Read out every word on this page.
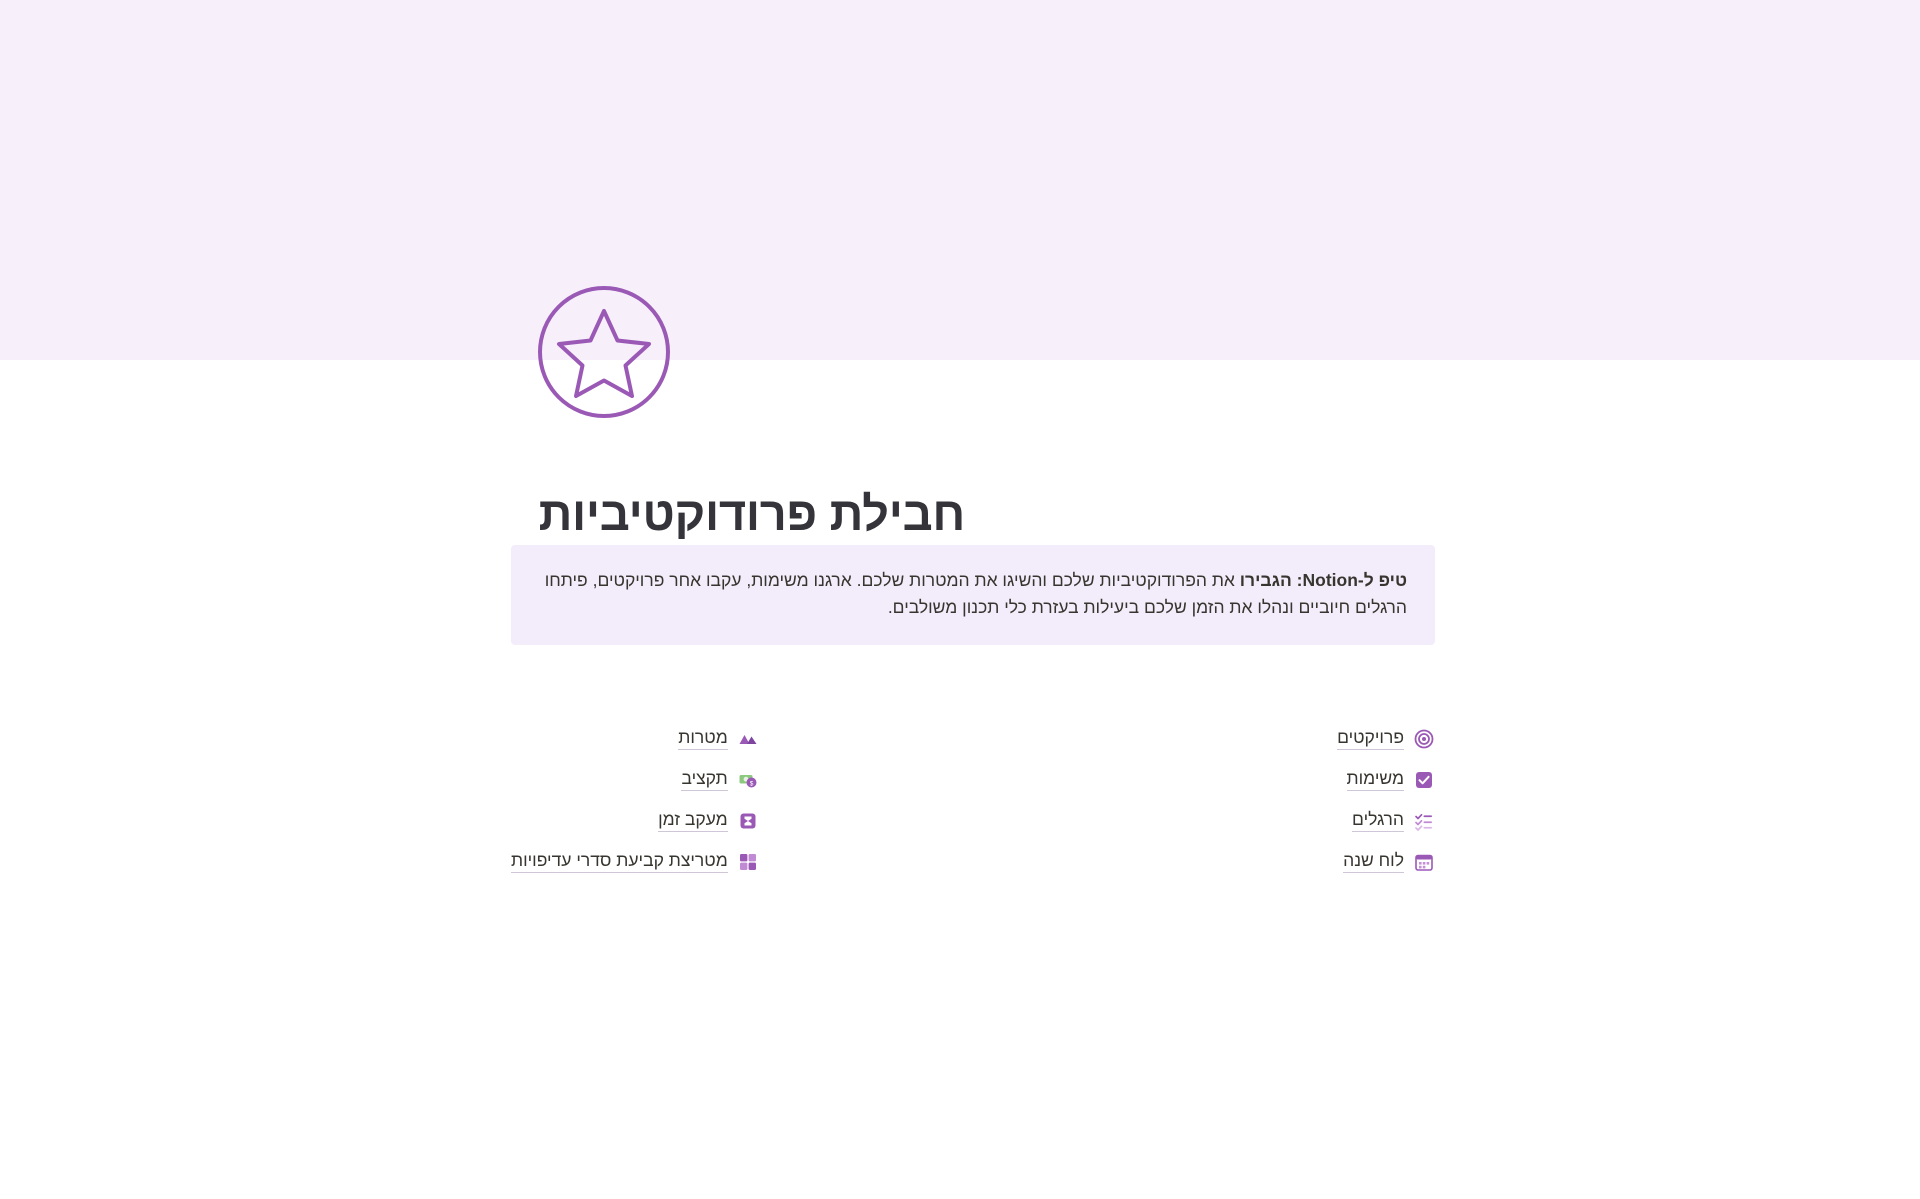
חבילת פרודוקטיביות
טיפ ל-Notion: הגבירו את הפרודוקטיביות שלכם והשיגו את המטרות שלכם. ארגנו משימות, עקבו אחר פרויקטים, פיתחו הרגלים חיוביים ונהלו את הזמן שלכם ביעילות בעזרת כלי תכנון משולבים.
פרויקטים
משימות
הרגלים
לוח שנה
מטרות
$
תקציב
מעקב זמן
מטריצת קביעת סדרי עדיפויות
